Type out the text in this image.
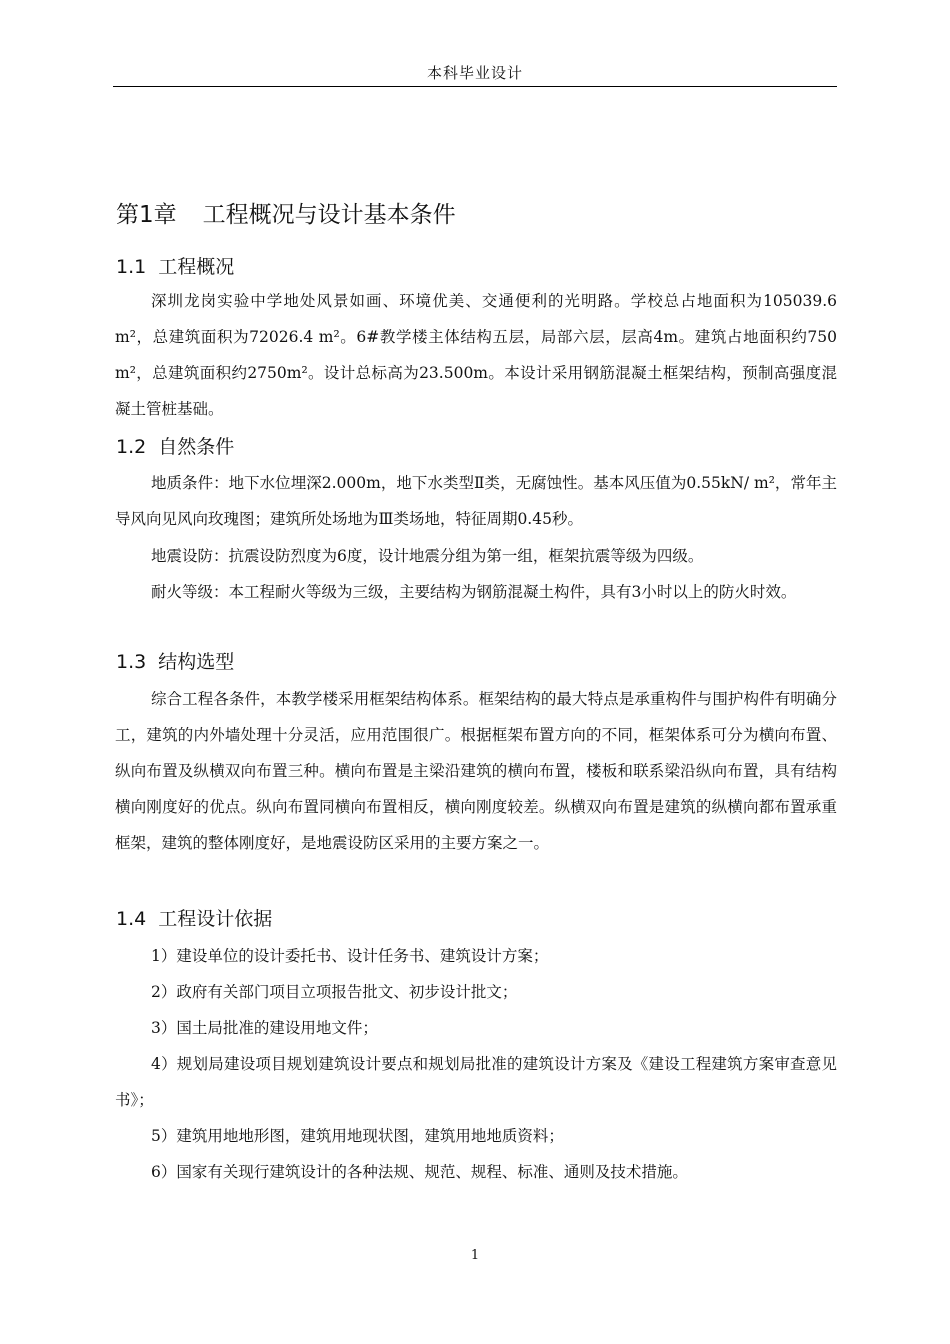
本科毕业设计
第1章 工程概况与设计基本条件
1.1 工程概况

深圳龙岗实验中学地处风景如画、环境优美、交通便利的光明路。学校总占地面积为105039.6 m²，总建筑面积为72026.4 m²。6#教学楼主体结构五层，局部六层，层高4m。建筑占地面积约750 m²，总建筑面积约2750m²。设计总标高为23.500m。本设计采用钢筋混凝土框架结构，预制高强度混凝土管桩基础。

1.2 自然条件

地质条件：地下水位埋深2.000m，地下水类型Ⅱ类，无腐蚀性。基本风压值为0.55kN/ m²，常年主导风向见风向玫瑰图；建筑所处场地为Ⅲ类场地，特征周期0.45秒。

地震设防：抗震设防烈度为6度，设计地震分组为第一组，框架抗震等级为四级。

耐火等级：本工程耐火等级为三级，主要结构为钢筋混凝土构件，具有3小时以上的防火时效。

1.3 结构选型

综合工程各条件，本教学楼采用框架结构体系。框架结构的最大特点是承重构件与围护构件有明确分工，建筑的内外墙处理十分灵活，应用范围很广。根据框架布置方向的不同，框架体系可分为横向布置、纵向布置及纵横双向布置三种。横向布置是主梁沿建筑的横向布置，楼板和联系梁沿纵向布置，具有结构横向刚度好的优点。纵向布置同横向布置相反，横向刚度较差。纵横双向布置是建筑的纵横向都布置承重框架，建筑的整体刚度好，是地震设防区采用的主要方案之一。

1.4 工程设计依据

1）建设单位的设计委托书、设计任务书、建筑设计方案；

2）政府有关部门项目立项报告批文、初步设计批文；

3）国土局批准的建设用地文件；

4）规划局建设项目规划建筑设计要点和规划局批准的建筑设计方案及《建设工程建筑方案审查意见书》；

5）建筑用地地形图，建筑用地现状图，建筑用地地质资料；

6）国家有关现行建筑设计的各种法规、规范、规程、标准、通则及技术措施。

1
